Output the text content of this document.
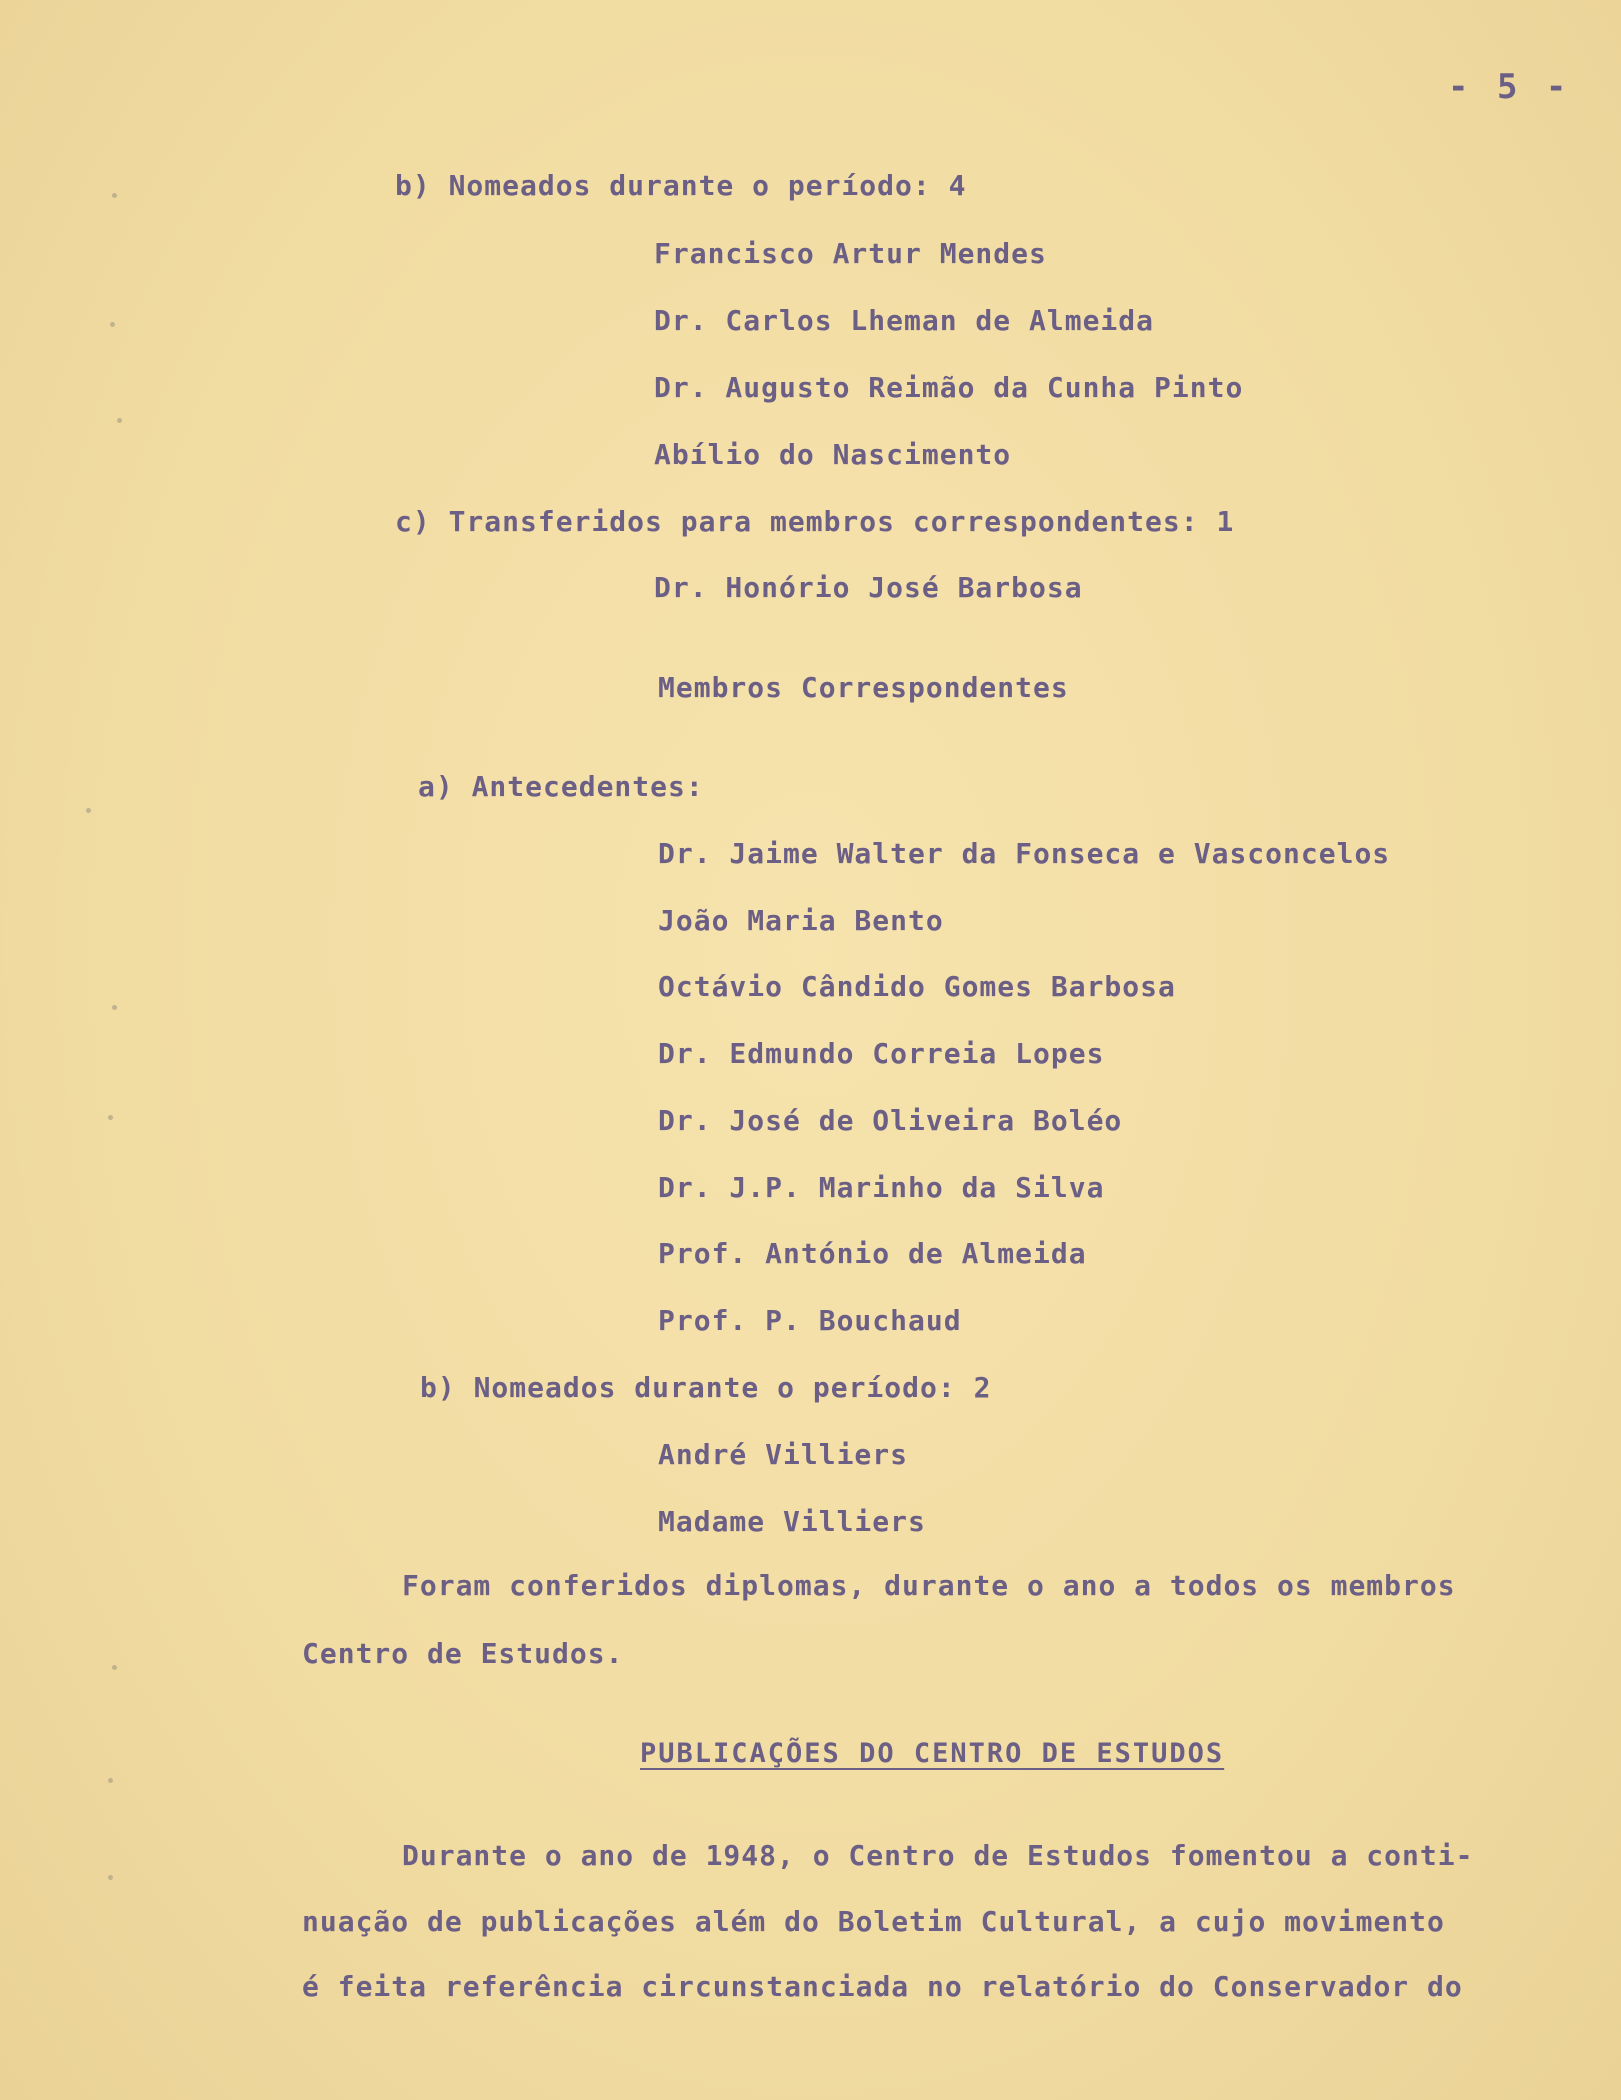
- 5 -
b) Nomeados durante o período: 4
Francisco Artur Mendes
Dr. Carlos Lheman de Almeida
Dr. Augusto Reimão da Cunha Pinto
Abílio do Nascimento
c) Transferidos para membros correspondentes: 1
Dr. Honório José Barbosa
Membros Correspondentes
a) Antecedentes:
Dr. Jaime Walter da Fonseca e Vasconcelos
João Maria Bento
Octávio Cândido Gomes Barbosa
Dr. Edmundo Correia Lopes
Dr. José de Oliveira Boléo
Dr. J.P. Marinho da Silva
Prof. António de Almeida
Prof. P. Bouchaud
b) Nomeados durante o período: 2
André Villiers
Madame Villiers
Foram conferidos diplomas, durante o ano a todos os membros
Centro de Estudos.
PUBLICAÇÕES DO CENTRO DE ESTUDOS
Durante o ano de 1948, o Centro de Estudos fomentou a conti-
nuação de publicações além do Boletim Cultural, a cujo movimento
é feita referência circunstanciada no relatório do Conservador do
